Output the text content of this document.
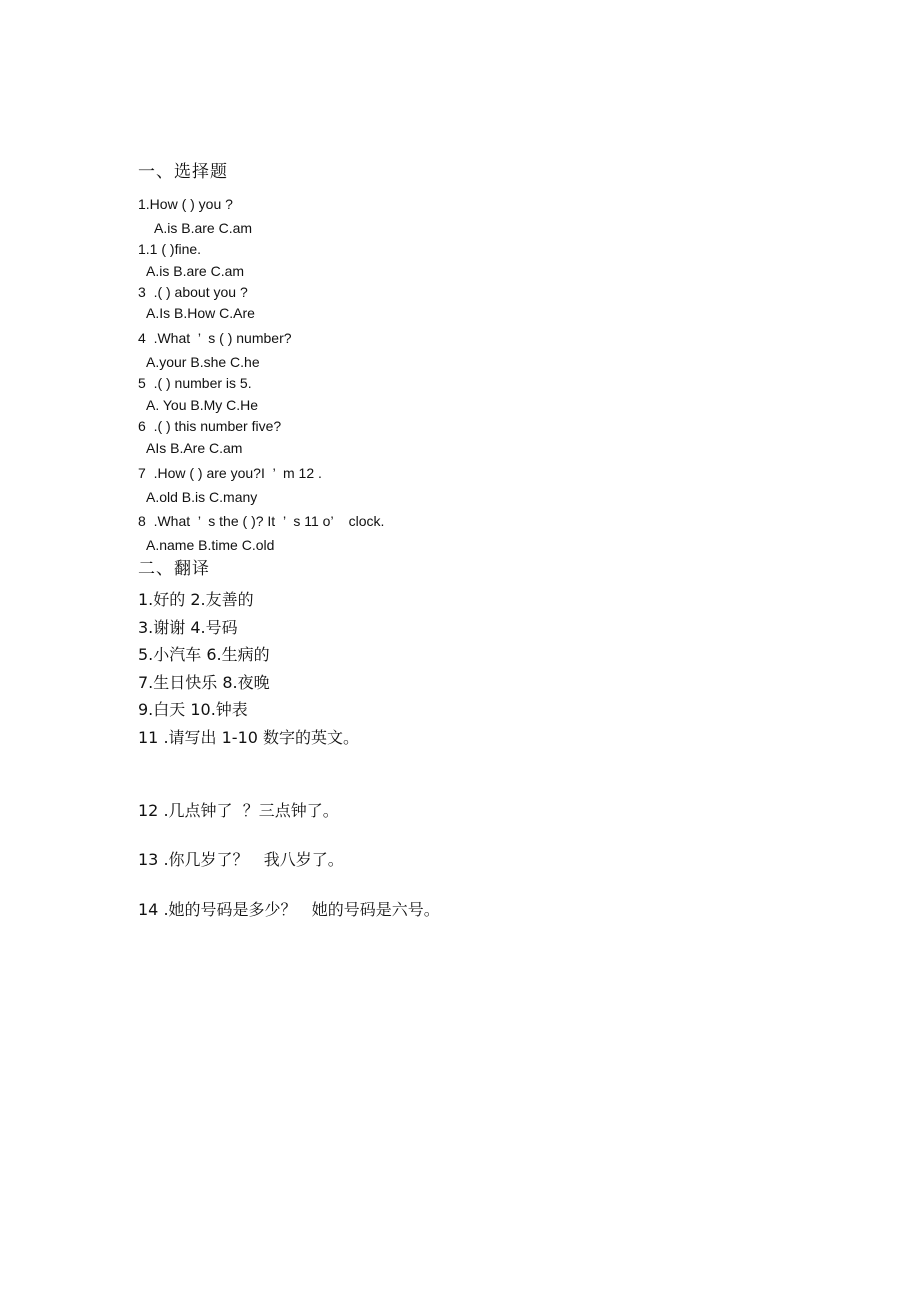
一、选择题
1.How ( ) you ?
A.is B.are C.am
1.1 ( )fine.
A.is B.are C.am
3  .( ) about you ?
A.Is B.How C.Are
4  .What  ’  s ( ) number?
A.your B.she C.he
5  .( ) number is 5.
A. You B.My C.He
6  .( ) this number five?
AIs B.Are C.am
7  .How ( ) are you?I  ’  m 12 .
A.old B.is C.many
8  .What  ’  s the ( )? It  ’  s 11 o’    clock.
A.name B.time C.old
二、翻译
1.好的 2.友善的
3.谢谢 4.号码
5.小汽车 6.生病的
7.生日快乐 8.夜晚
9.白天 10.钟表
11 .请写出 1-10 数字的英文。
12 .几点钟了  ？三点钟了。
13 .你几岁了？   我八岁了。
14 .她的号码是多少？   她的号码是六号。
